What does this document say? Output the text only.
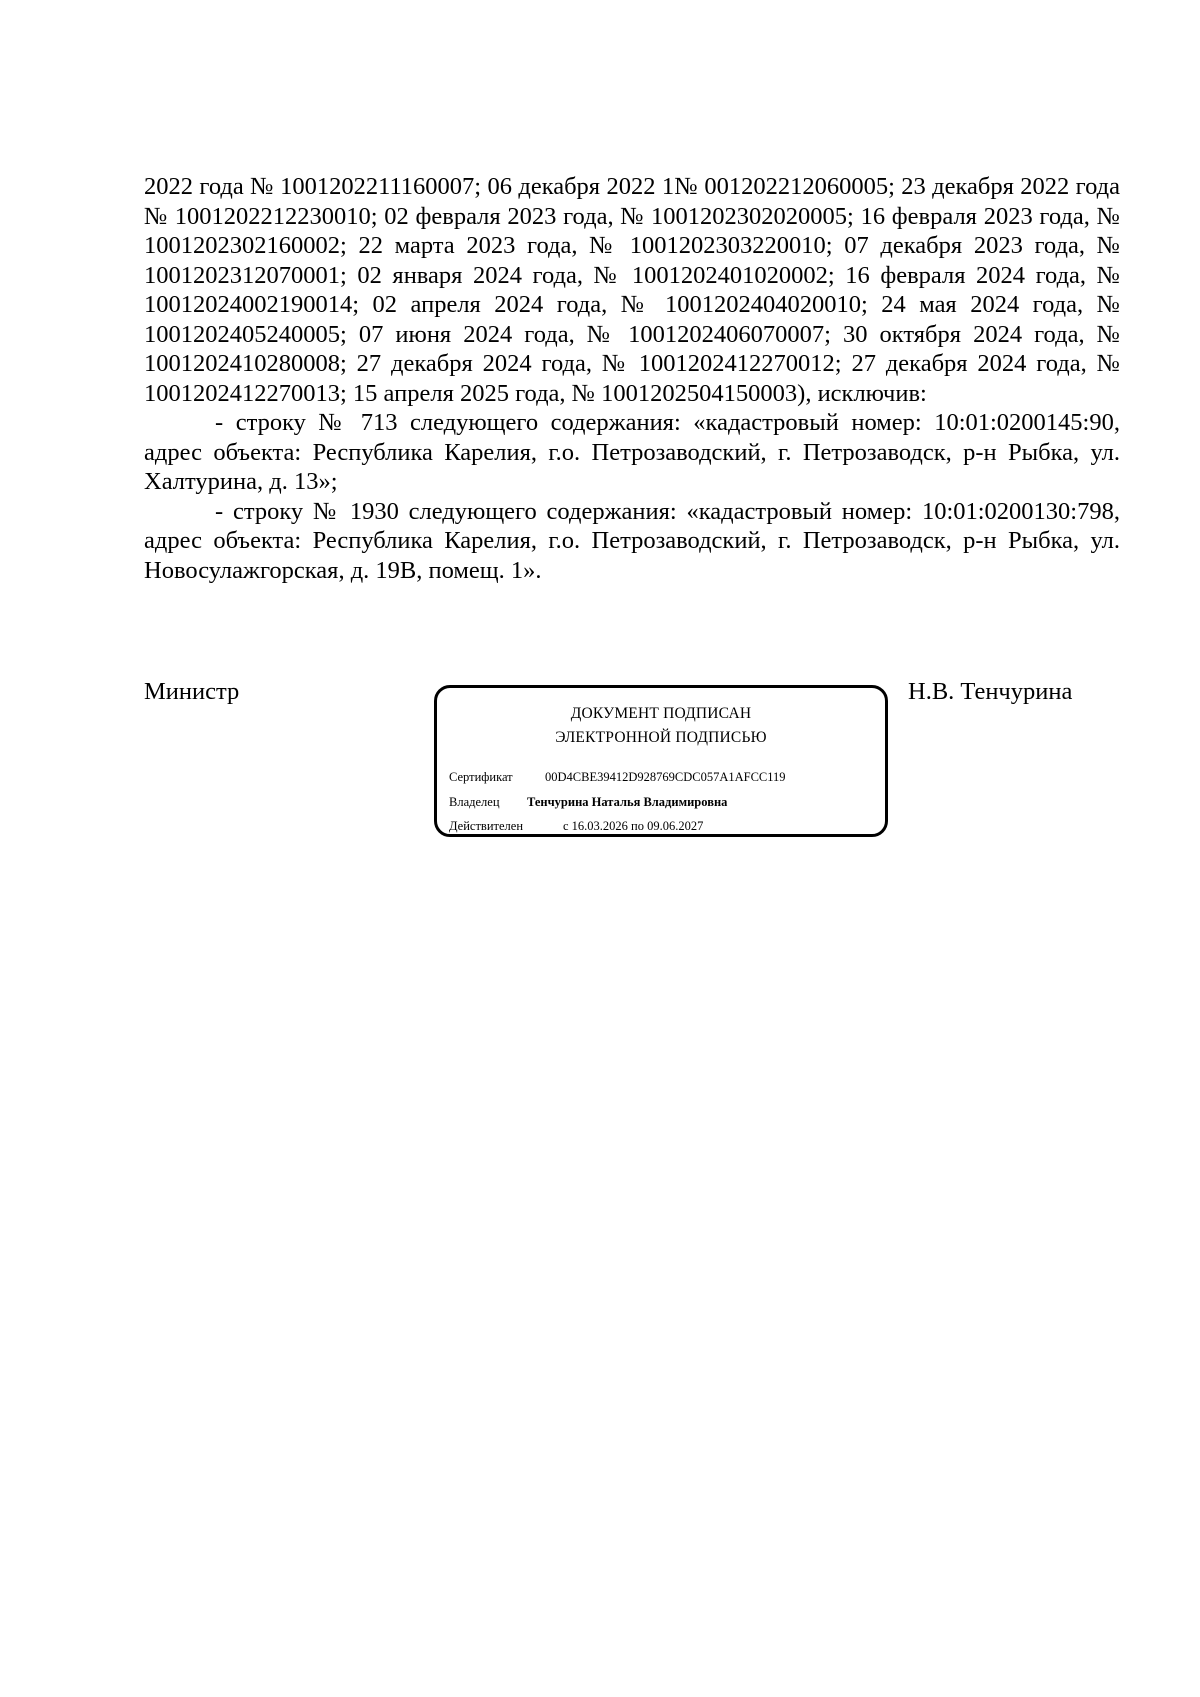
2022 года № 1001202211160007; 06 декабря 2022 1№ 001202212060005; 23 декабря 2022 года № 1001202212230010; 02 февраля 2023 года, № 1001202302020005; 16 февраля 2023 года, № 1001202302160002; 22 марта 2023 года, № 1001202303220010; 07 декабря 2023 года, № 1001202312070001; 02 января 2024 года, № 1001202401020002; 16 февраля 2024 года, № 10012024002190014; 02 апреля 2024 года, № 1001202404020010; 24 мая 2024 года, № 1001202405240005; 07 июня 2024 года, № 1001202406070007; 30 октября 2024 года, № 1001202410280008; 27 декабря 2024 года, № 1001202412270012; 27 декабря 2024 года, № 1001202412270013; 15 апреля 2025 года, № 1001202504150003), исключив:

- строку № 713 следующего содержания: «кадастровый номер: 10:01:0200145:90, адрес объекта: Республика Карелия, г.о. Петрозаводский, г. Петрозаводск, р-н Рыбка, ул. Халтурина, д. 13»;

- строку № 1930 следующего содержания: «кадастровый номер: 10:01:0200130:798, адрес объекта: Республика Карелия, г.о. Петрозаводский, г. Петрозаводск, р-н Рыбка, ул. Новосулажгорская, д. 19В, помещ. 1».

Министр
ДОКУМЕНТ ПОДПИСАН
ЭЛЕКТРОННОЙ ПОДПИСЬЮ
Сертификат	00D4CBE39412D928769CDC057A1AFCC119
Владелец Тенчурина Наталья Владимировна
Действителен	с 16.03.2026 по 09.06.2027
Н.В. Тенчурина
